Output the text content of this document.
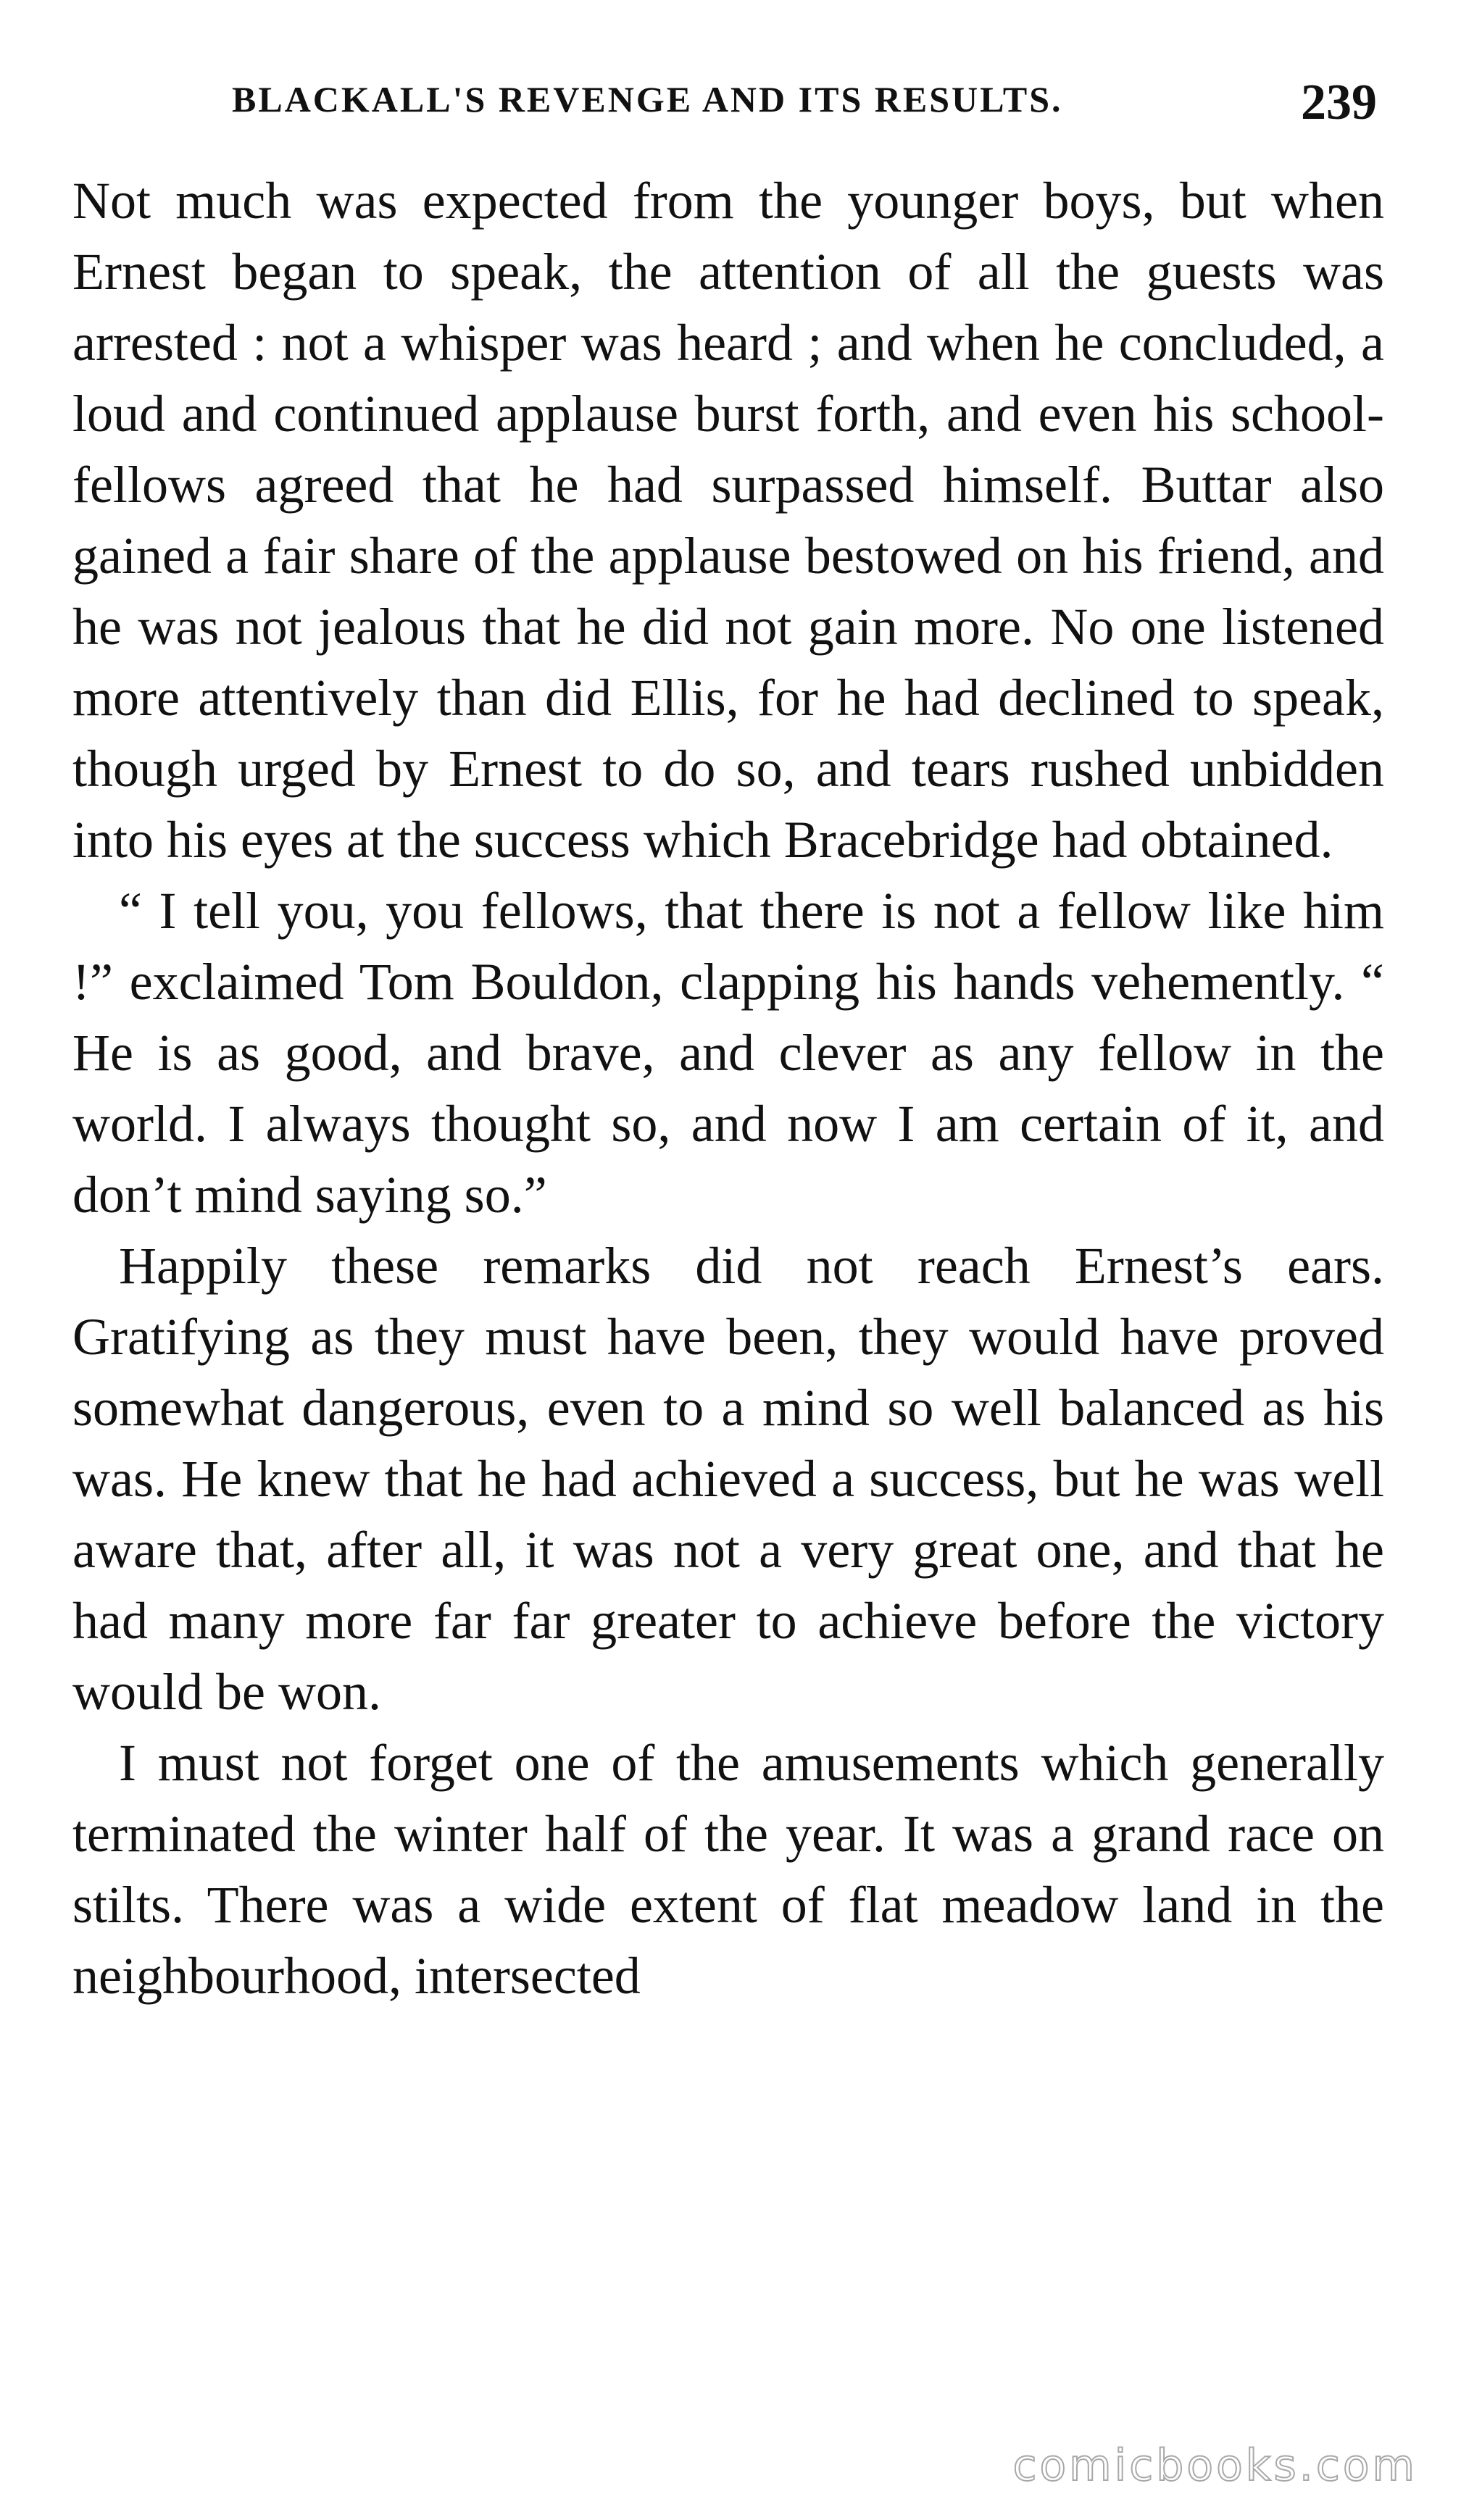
BLACKALL'S REVENGE AND ITS RESULTS.	239

Not much was expected from the younger boys, but when Ernest began to speak, the attention of all the guests was arrested : not a whisper was heard ; and when he concluded, a loud and continued applause burst forth, and even his school-fellows agreed that he had surpassed himself. Buttar also gained a fair share of the applause bestowed on his friend, and he was not jealous that he did not gain more. No one listened more attentively than did Ellis, for he had declined to speak, though urged by Ernest to do so, and tears rushed unbidden into his eyes at the success which Bracebridge had obtained.

“ I tell you, you fellows, that there is not a fellow like him !” exclaimed Tom Bouldon, clapping his hands vehemently. “ He is as good, and brave, and clever as any fellow in the world. I always thought so, and now I am certain of it, and don’t mind saying so.”

Happily these remarks did not reach Ernest’s ears. Gratifying as they must have been, they would have proved somewhat dangerous, even to a mind so well balanced as his was. He knew that he had achieved a success, but he was well aware that, after all, it was not a very great one, and that he had many more far far greater to achieve before the victory would be won.

I must not forget one of the amusements which generally terminated the winter half of the year. It was a grand race on stilts. There was a wide extent of flat meadow land in the neighbourhood, intersected

comicbooks.com
